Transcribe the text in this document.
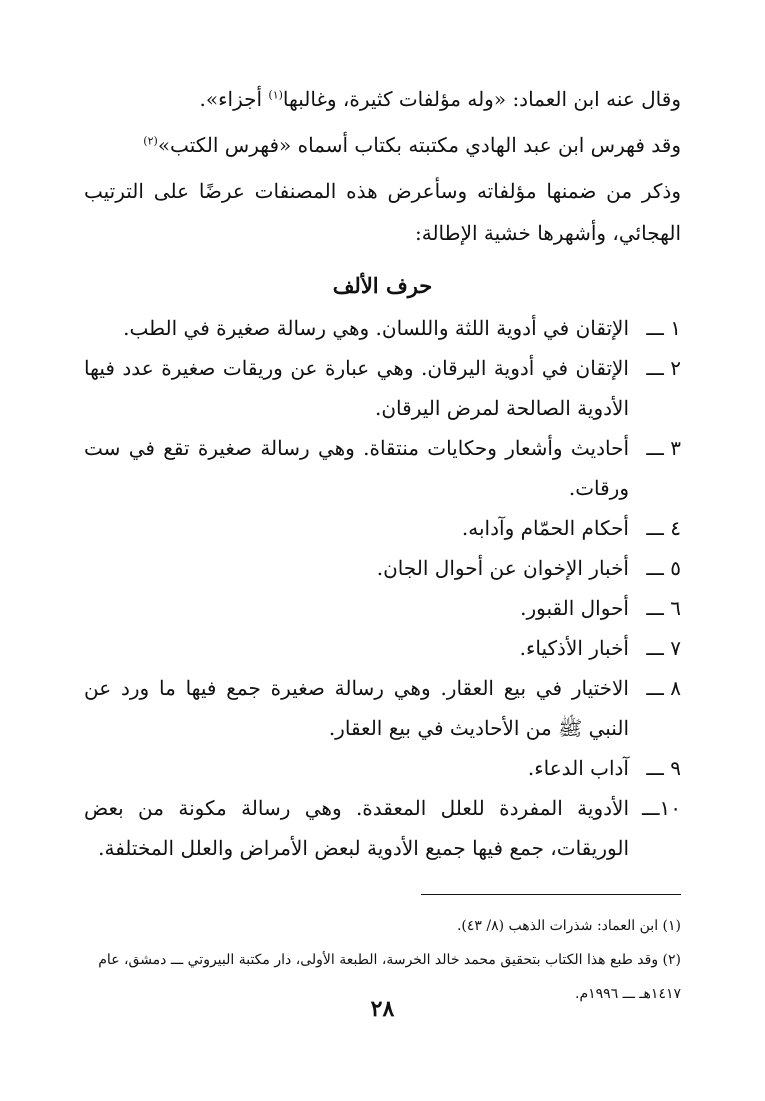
وقال عنه ابن العماد: «وله مؤلفات كثيرة، وغالبها$^{(١)}$ أجزاء».

وقد فهرس ابن عبد الهادي مكتبته بكتاب أسماه «فهرس الكتب»$^{(٢)}$

وذكر من ضمنها مؤلفاته وسأعرض هذه المصنفات عرضًا على الترتيب الهجائي، وأشهرها خشية الإطالة:

حرف الألف
١ ـــ
الإتقان في أدوية اللثة واللسان. وهي رسالة صغيرة في الطب.
٢ ـــ
الإتقان في أدوية اليرقان. وهي عبارة عن وريقات صغيرة عدد فيها الأدوية الصالحة لمرض اليرقان.
٣ ـــ
أحاديث وأشعار وحكايات منتقاة. وهي رسالة صغيرة تقع في ست ورقات.
٤ ـــ
أحكام الحمّام وآدابه.
٥ ـــ
أخبار الإخوان عن أحوال الجان.
٦ ـــ
أحوال القبور.
٧ ـــ
أخبار الأذكياء.
٨ ـــ
الاختيار في بيع العقار. وهي رسالة صغيرة جمع فيها ما ورد عن النبي ﷺ من الأحاديث في بيع العقار.
٩ ـــ
آداب الدعاء.
١٠ـــ
الأدوية المفردة للعلل المعقدة. وهي رسالة مكونة من بعض الوريقات، جمع فيها جميع الأدوية لبعض الأمراض والعلل المختلفة.

(١) ابن العماد: شذرات الذهب (٨/ ٤٣).

(٢) وقد طبع هذا الكتاب بتحقيق محمد خالد الخرسة، الطبعة الأولى، دار مكتبة البيروتي ـــ دمشق، عام ١٤١٧هـ ـــ ١٩٩٦م.

٢٨
